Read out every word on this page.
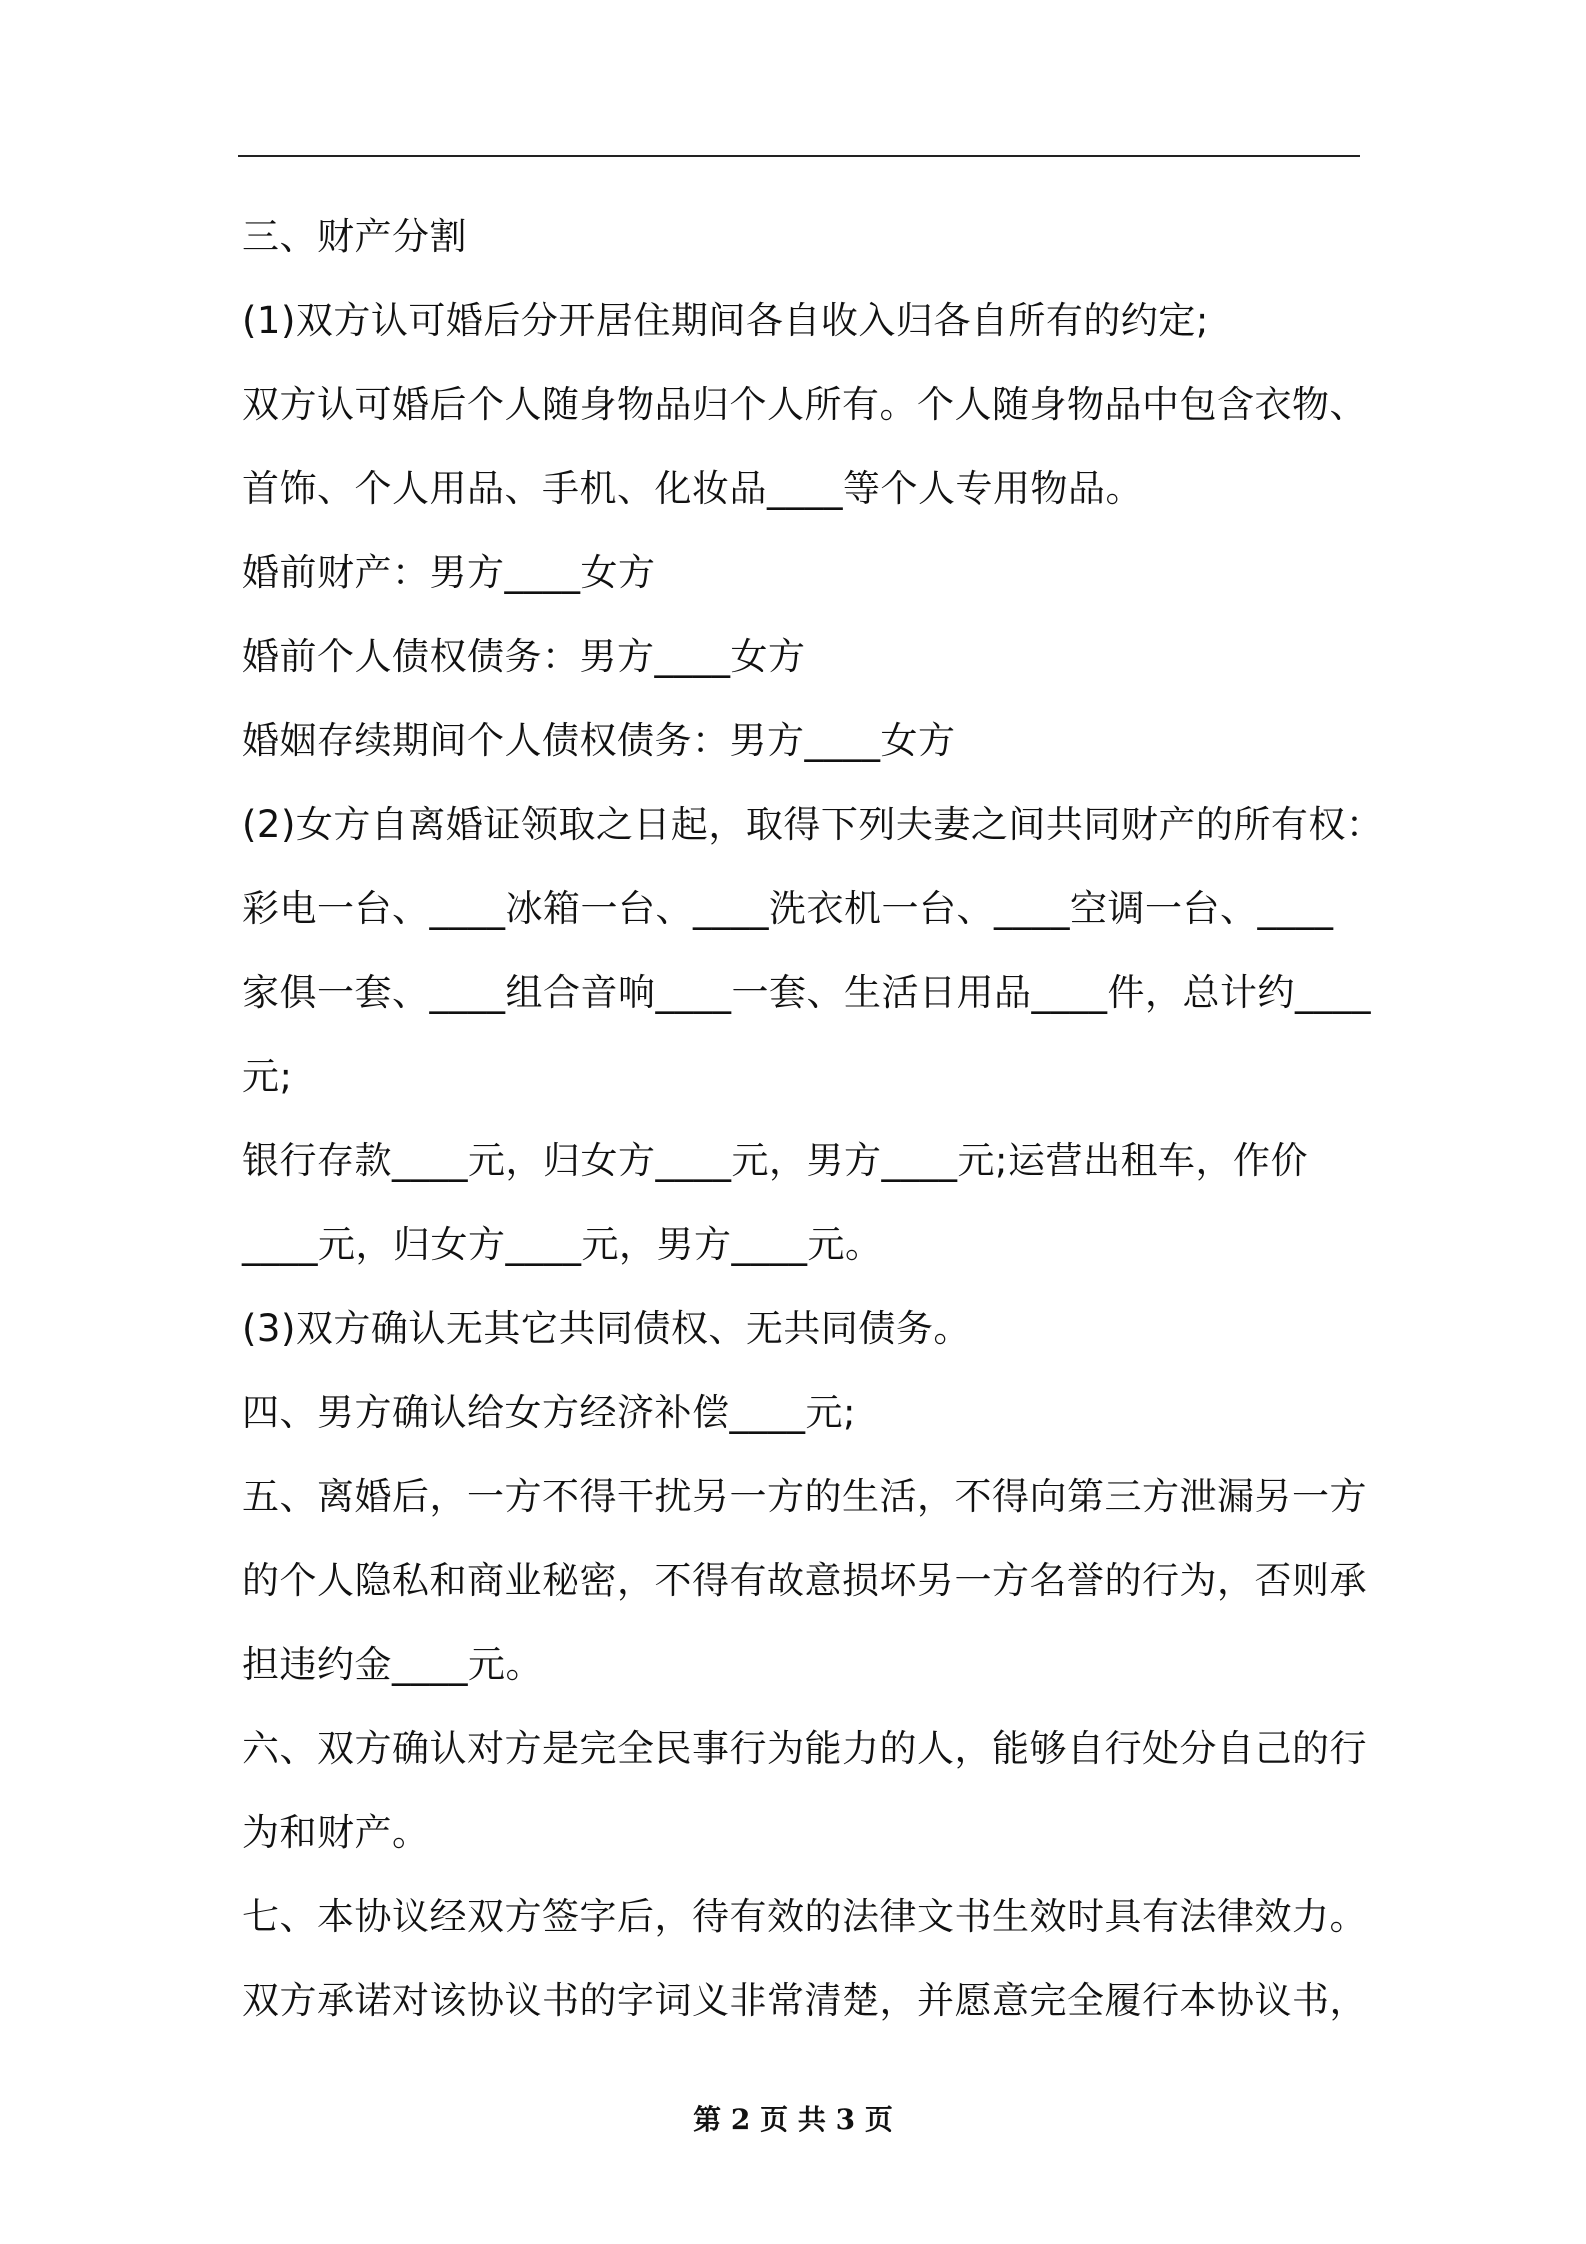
三、财产分割
(1)双方认可婚后分开居住期间各自收入归各自所有的约定;
双方认可婚后个人随身物品归个人所有。个人随身物品中包含衣物、
首饰、个人用品、手机、化妆品____等个人专用物品。
婚前财产：男方____女方
婚前个人债权债务：男方____女方
婚姻存续期间个人债权债务：男方____女方
(2)女方自离婚证领取之日起，取得下列夫妻之间共同财产的所有权：
彩电一台、____冰箱一台、____洗衣机一台、____空调一台、____
家俱一套、____组合音响____一套、生活日用品____件，总计约____
元;
银行存款____元，归女方____元，男方____元;运营出租车，作价
____元，归女方____元，男方____元。
(3)双方确认无其它共同债权、无共同债务。
四、男方确认给女方经济补偿____元;
五、离婚后，一方不得干扰另一方的生活，不得向第三方泄漏另一方
的个人隐私和商业秘密，不得有故意损坏另一方名誉的行为，否则承
担违约金____元。
六、双方确认对方是完全民事行为能力的人，能够自行处分自己的行
为和财产。
七、本协议经双方签字后，待有效的法律文书生效时具有法律效力。
双方承诺对该协议书的字词义非常清楚，并愿意完全履行本协议书，
第 2 页 共 3 页
